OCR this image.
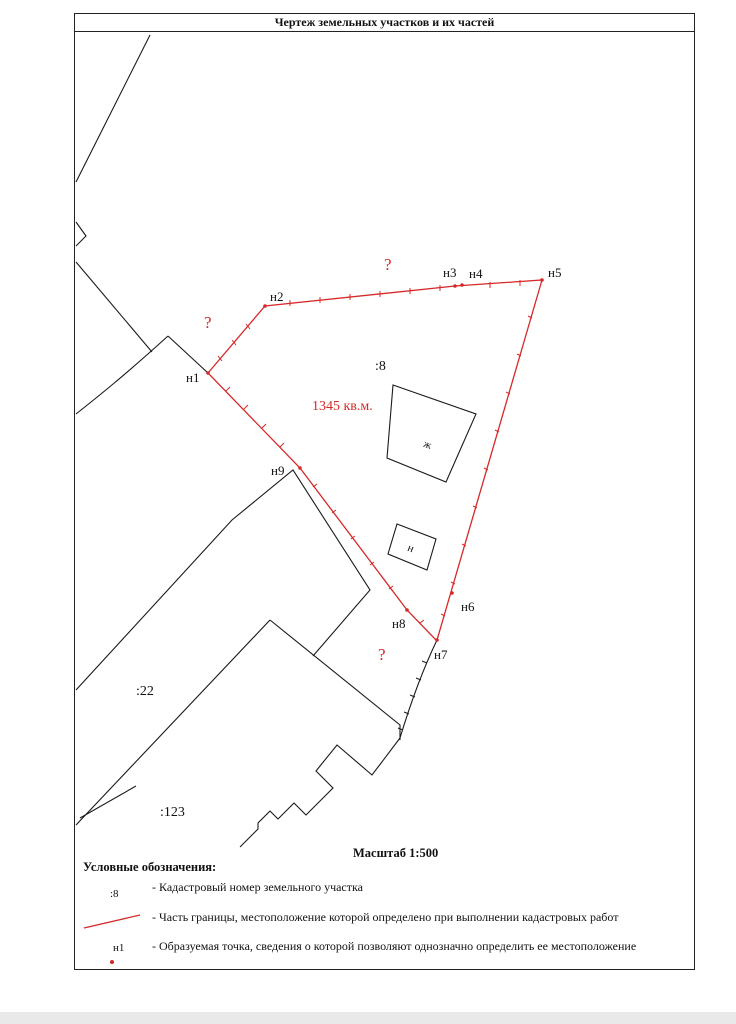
Чертеж земельных участков и их частей
н1
н2
н3 н4	н5
н6
н7
н8
н9
:8
:22
:123
ж
н
1345 кв.м.
?
?
?
Масштаб 1:500
Условные обозначения:
:8	- Кадастровый номер земельного участка
- Часть границы, местоположение которой определено при выполнении кадастровых работ
н1 - Образуемая точка, сведения о которой позволяют однозначно определить ее местоположение
